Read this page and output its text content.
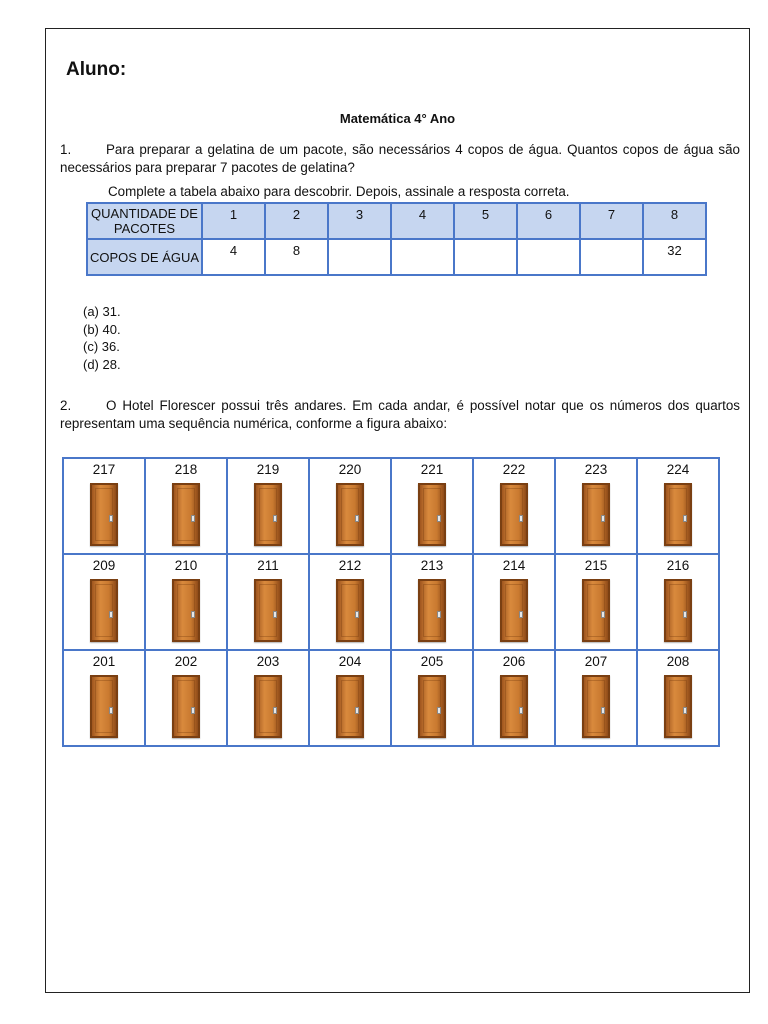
Aluno:
Matemática 4° Ano
1.	Para preparar a gelatina de um pacote, são necessários 4 copos de água. Quantos copos de água são necessários para preparar 7 pacotes de gelatina?
Complete a tabela abaixo para descobrir. Depois, assinale a resposta correta.
QUANTIDADE DE PACOTES	1	2	3	4	5	6	7	8
COPOS DE ÁGUA	4	8						32
(a) 31.
(b) 40.
(c) 36.
(d) 28.
2.	O Hotel Florescer possui três andares. Em cada andar, é possível notar que os números dos quartos representam uma sequência numérica, conforme a figura abaixo:
217	218	219	220	221	222	223	224

209	210	211	212	213	214	215	216

201	202	203	204	205	206	207	208
